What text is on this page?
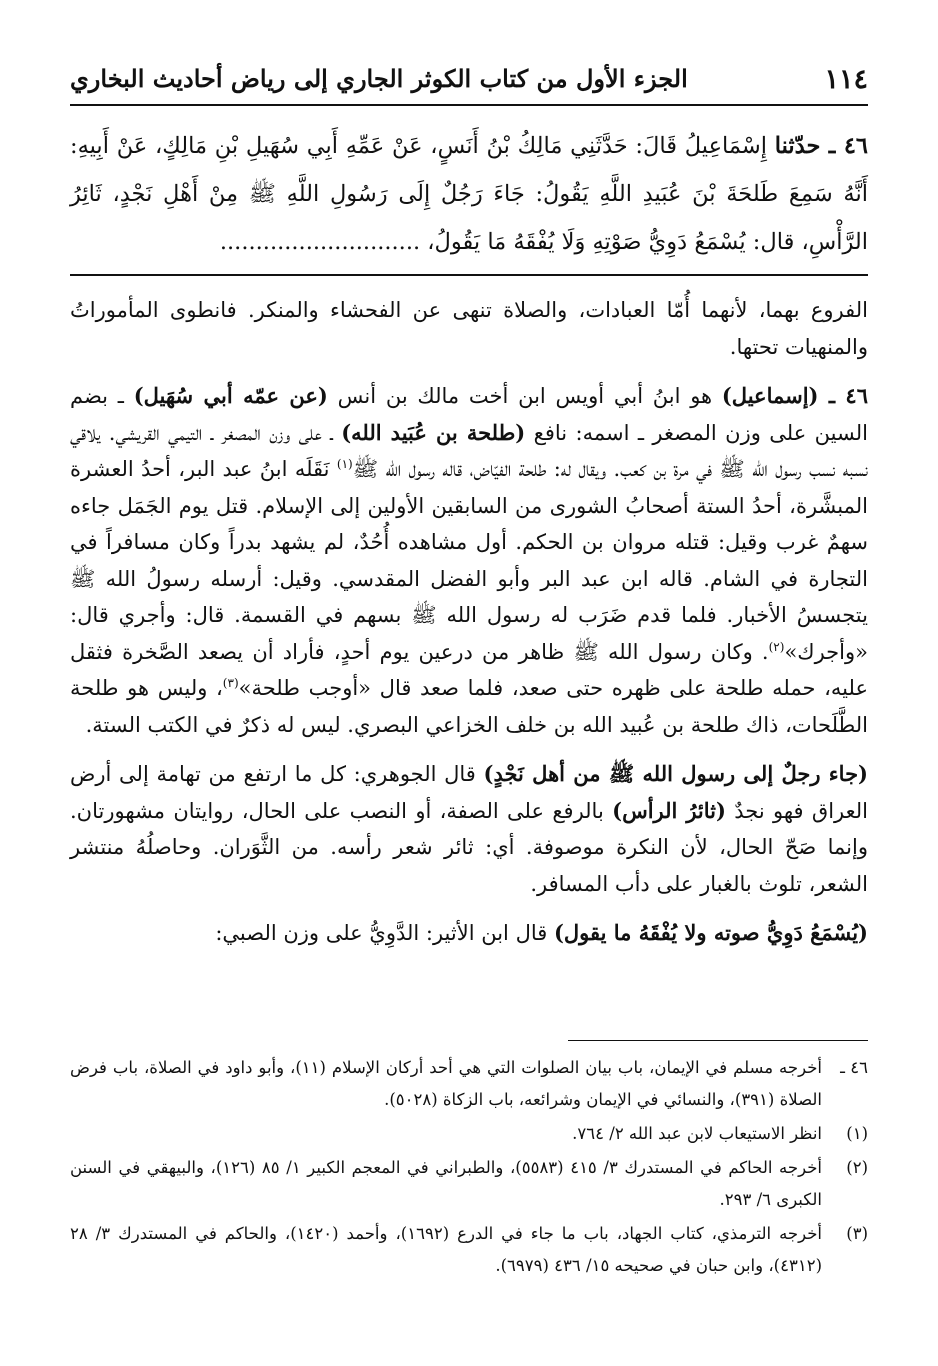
١١٤
الجزء الأول من كتاب الكوثر الجاري إلى رياض أحاديث البخاري
٤٦ ـ حدّثنا إِسْمَاعِيلُ قَالَ: حَدَّثَنِي مَالِكُ بْنُ أَنَسٍ، عَنْ عَمِّهِ أَبِي سُهَيلِ بْنِ مَالِكٍ، عَنْ أَبِيهِ: أَنَّهُ سَمِعَ طَلحَةَ بْنَ عُبَيدِ اللَّهِ يَقُولُ: جَاءَ رَجُلٌ إِلَى رَسُولِ اللَّهِ ﷺ مِنْ أَهْلِ نَجْدٍ، ثَائِرُ الرَّأْسِ، قال: يُسْمَعُ دَوِيُّ صَوْتِهِ وَلَا يُفْقَهُ مَا يَقُولُ، ............................

الفروع بهما، لأنهما أُمّا العبادات، والصلاة تنهى عن الفحشاء والمنكر. فانطوى المأموراتُ والمنهيات تحتها.

٤٦ ـ (إسماعيل) هو ابنُ أبي أويس ابن أخت مالك بن أنس (عن عمّه أبي سُهَيل) ـ بضم السين على وزن المصغر ـ اسمه: نافع (طلحة بن عُبَيد الله) ـ على وزن المصغر ـ التيمي القريشي. يلاقي نسبه نسب رسول الله ﷺ في مرة بن كعب. ويقال له: طلحة الفيّاض، قاله رسول الله ﷺ$^{(١)}$ نَقَلَه ابنُ عبد البر، أحدُ العشرة المبشَّرة، أحدُ الستة أصحابُ الشورى من السابقين الأولين إلى الإسلام. قتل يوم الجَمَل جاءه سهمٌ غرب وقيل: قتله مروان بن الحكم. أول مشاهده أُحُدٌ، لم يشهد بدراً وكان مسافراً في التجارة في الشام. قاله ابن عبد البر وأبو الفضل المقدسي. وقيل: أرسله رسولُ الله ﷺ يتجسسُ الأخبار. فلما قدم ضَرَب له رسول الله ﷺ بسهم في القسمة. قال: وأجري قال: «وأجرك»$^{(٢)}$. وكان رسول الله ﷺ ظاهر من درعين يوم أحدٍ، فأراد أن يصعد الصَّخرة فثقل عليه، حمله طلحة على ظهره حتى صعد، فلما صعد قال «أوجب طلحة»$^{(٣)}$، وليس هو طلحة الطَّلَحات، ذاك طلحة بن عُبيد الله بن خلف الخزاعي البصري. ليس له ذكرٌ في الكتب الستة.

(جاء رجلٌ إلى رسول الله ﷺ من أهل نَجْدٍ) قال الجوهري: كل ما ارتفع من تهامة إلى أرض العراق فهو نجدٌ (ثائرُ الرأس) بالرفع على الصفة، أو النصب على الحال، روايتان مشهورتان. وإنما صَحّ الحال، لأن النكرة موصوفة. أي: ثائر شعر رأسه. من الثَّوَران. وحاصلُهُ منتشر الشعر، تلوث بالغبار على دأب المسافر.

(يُسْمَعُ دَوِيُّ صوته ولا يُفْقَهُ ما يقول) قال ابن الأثير: الدَّوِيُّ على وزن الصبي:

٤٦ ـ
أخرجه مسلم في الإيمان، باب بيان الصلوات التي هي أحد أركان الإسلام (١١)، وأبو داود في الصلاة، باب فرض الصلاة (٣٩١)، والنسائي في الإيمان وشرائعه، باب الزكاة (٥٠٢٨).
(١)
انظر الاستيعاب لابن عبد الله ٢/ ٧٦٤.
(٢)
أخرجه الحاكم في المستدرك ٣/ ٤١٥ (٥٥٨٣)، والطبراني في المعجم الكبير ١/ ٨٥ (١٢٦)، والبيهقي في السنن الكبرى ٦/ ٢٩٣.
(٣)
أخرجه الترمذي، كتاب الجهاد، باب ما جاء في الدرع (١٦٩٢)، وأحمد (١٤٢٠)، والحاكم في المستدرك ٣/ ٢٨ (٤٣١٢)، وابن حبان في صحيحه ١٥/ ٤٣٦ (٦٩٧٩).
